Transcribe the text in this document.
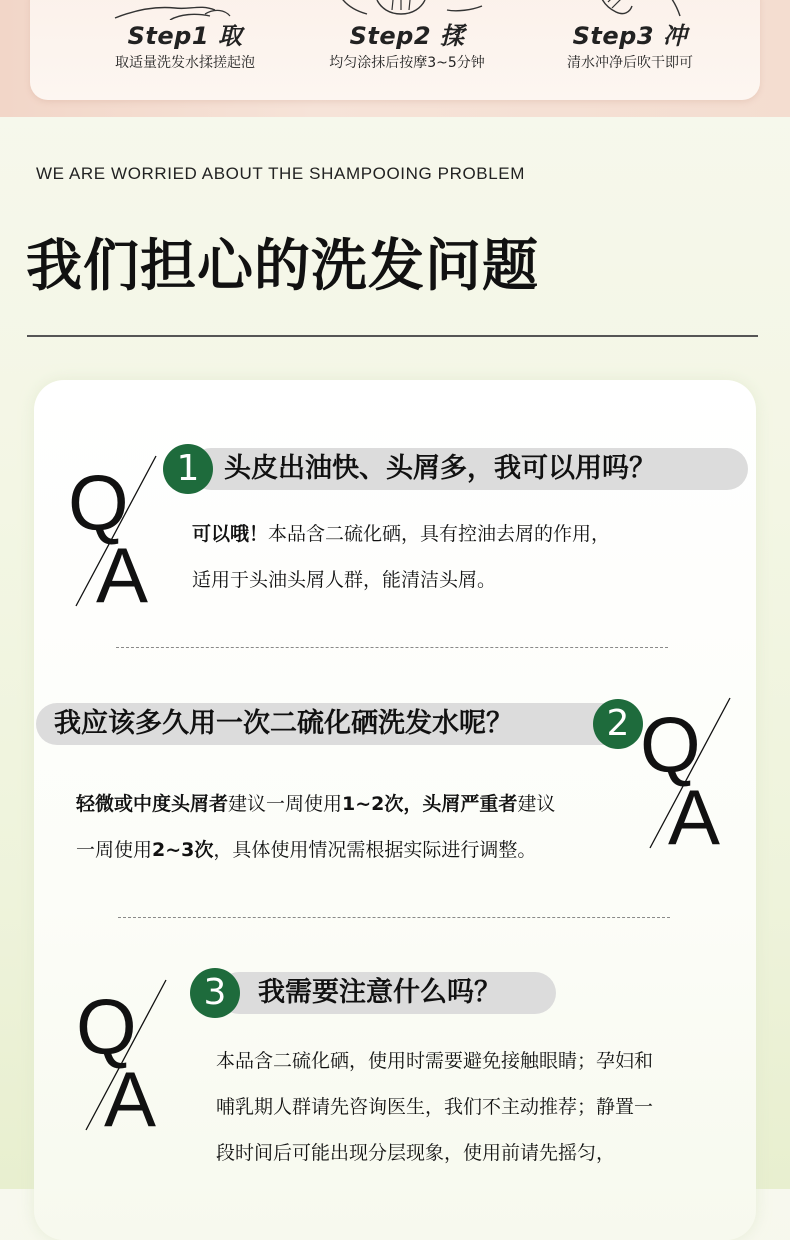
Step1 取
取适量洗发水揉搓起泡
Step2 揉
均匀涂抹后按摩3~5分钟
Step3 冲
清水冲净后吹干即可
WE ARE WORRIED ABOUT THE SHAMPOOING PROBLEM
我们担心的洗发问题
头皮出油快、头屑多，我可以用吗？
1
Q
A 可以哦！本品含二硫化硒，具有控油去屑的作用，
适用于头油头屑人群，能清洁头屑。
我应该多久用一次二硫化硒洗发水呢？	2 Q
A
轻微或中度头屑者建议一周使用1~2次，头屑严重者建议
一周使用2~3次，具体使用情况需根据实际进行调整。
我需要注意什么吗？
3
Q
A	本品含二硫化硒，使用时需要避免接触眼睛；孕妇和
哺乳期人群请先咨询医生，我们不主动推荐；静置一
段时间后可能出现分层现象，使用前请先摇匀，
